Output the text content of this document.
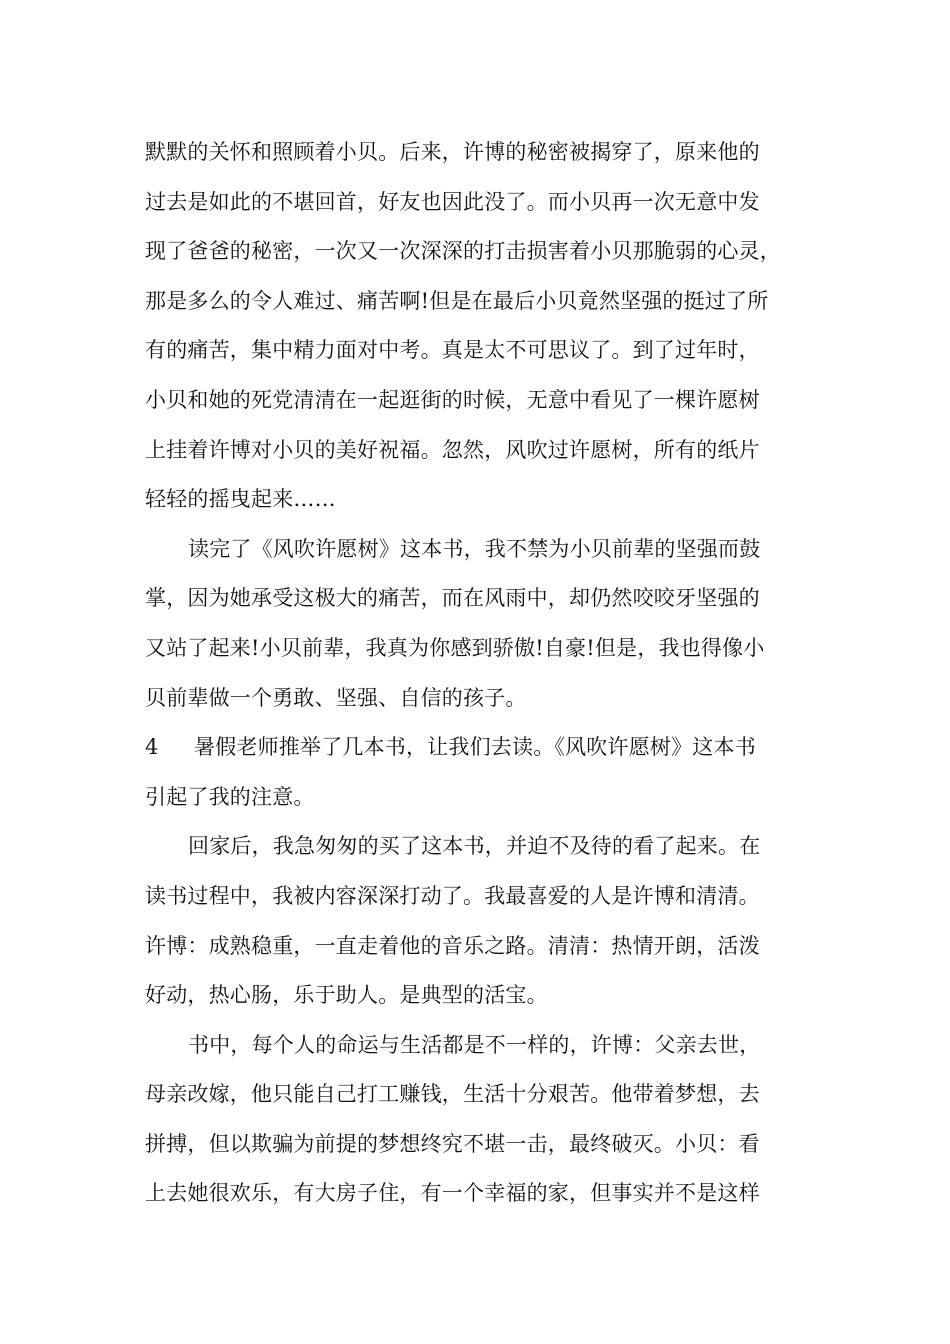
默默的关怀和照顾着小贝。后来，许博的秘密被揭穿了，原来他的
过去是如此的不堪回首，好友也因此没了。而小贝再一次无意中发
现了爸爸的秘密，一次又一次深深的打击损害着小贝那脆弱的心灵，
那是多么的令人难过、痛苦啊!但是在最后小贝竟然坚强的挺过了所
有的痛苦，集中精力面对中考。真是太不可思议了。到了过年时，
小贝和她的死党清清在一起逛街的时候，无意中看见了一棵许愿树
上挂着许博对小贝的美好祝福。忽然，风吹过许愿树，所有的纸片
轻轻的摇曳起来……
读完了《风吹许愿树》这本书，我不禁为小贝前辈的坚强而鼓
掌，因为她承受这极大的痛苦，而在风雨中，却仍然咬咬牙坚强的
又站了起来!小贝前辈，我真为你感到骄傲!自豪!但是，我也得像小
贝前辈做一个勇敢、坚强、自信的孩子。
4 暑假老师推举了几本书，让我们去读。《风吹许愿树》这本书
引起了我的注意。
回家后，我急匆匆的买了这本书，并迫不及待的看了起来。在
读书过程中，我被内容深深打动了。我最喜爱的人是许博和清清。
许博：成熟稳重，一直走着他的音乐之路。清清：热情开朗，活泼
好动，热心肠，乐于助人。是典型的活宝。
书中，每个人的命运与生活都是不一样的，许博：父亲去世，
母亲改嫁，他只能自己打工赚钱，生活十分艰苦。他带着梦想，去
拼搏，但以欺骗为前提的梦想终究不堪一击，最终破灭。小贝：看
上去她很欢乐，有大房子住，有一个幸福的家，但事实并不是这样
